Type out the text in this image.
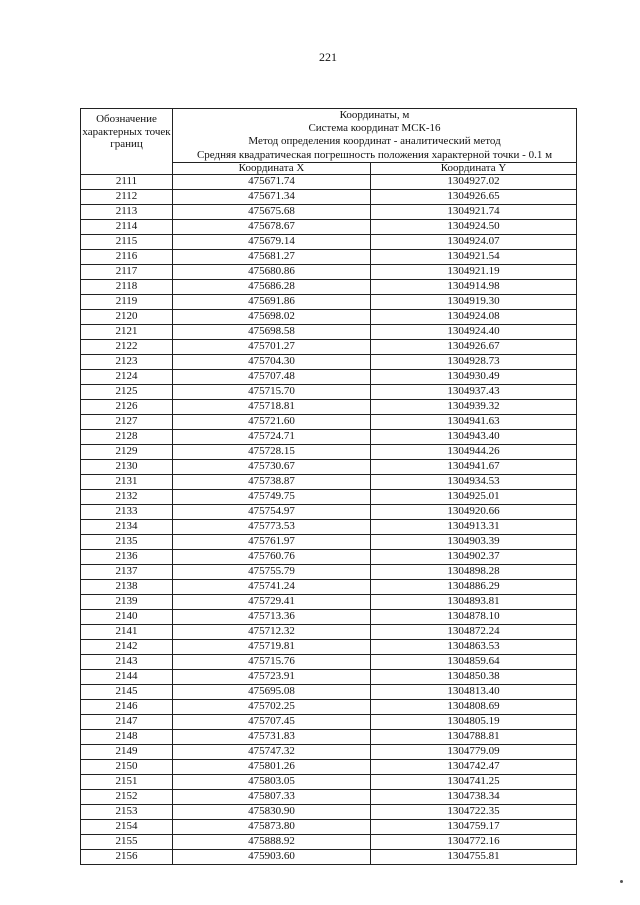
221
Обозначение характерных точек границ	Координаты, м
Система координат МСК-16
Метод определения координат - аналитический метод
Средняя квадратическая погрешность положения характерной точки - 0.1 м	

	Координата X	Координата Y
2111	475671.74	1304927.02
2112	475671.34	1304926.65
2113	475675.68	1304921.74
2114	475678.67	1304924.50
2115	475679.14	1304924.07
2116	475681.27	1304921.54
2117	475680.86	1304921.19
2118	475686.28	1304914.98
2119	475691.86	1304919.30
2120	475698.02	1304924.08
2121	475698.58	1304924.40
2122	475701.27	1304926.67
2123	475704.30	1304928.73
2124	475707.48	1304930.49
2125	475715.70	1304937.43
2126	475718.81	1304939.32
2127	475721.60	1304941.63
2128	475724.71	1304943.40
2129	475728.15	1304944.26
2130	475730.67	1304941.67
2131	475738.87	1304934.53
2132	475749.75	1304925.01
2133	475754.97	1304920.66
2134	475773.53	1304913.31
2135	475761.97	1304903.39
2136	475760.76	1304902.37
2137	475755.79	1304898.28
2138	475741.24	1304886.29
2139	475729.41	1304893.81
2140	475713.36	1304878.10
2141	475712.32	1304872.24
2142	475719.81	1304863.53
2143	475715.76	1304859.64
2144	475723.91	1304850.38
2145	475695.08	1304813.40
2146	475702.25	1304808.69
2147	475707.45	1304805.19
2148	475731.83	1304788.81
2149	475747.32	1304779.09
2150	475801.26	1304742.47
2151	475803.05	1304741.25
2152	475807.33	1304738.34
2153	475830.90	1304722.35
2154	475873.80	1304759.17
2155	475888.92	1304772.16
2156	475903.60	1304755.81
